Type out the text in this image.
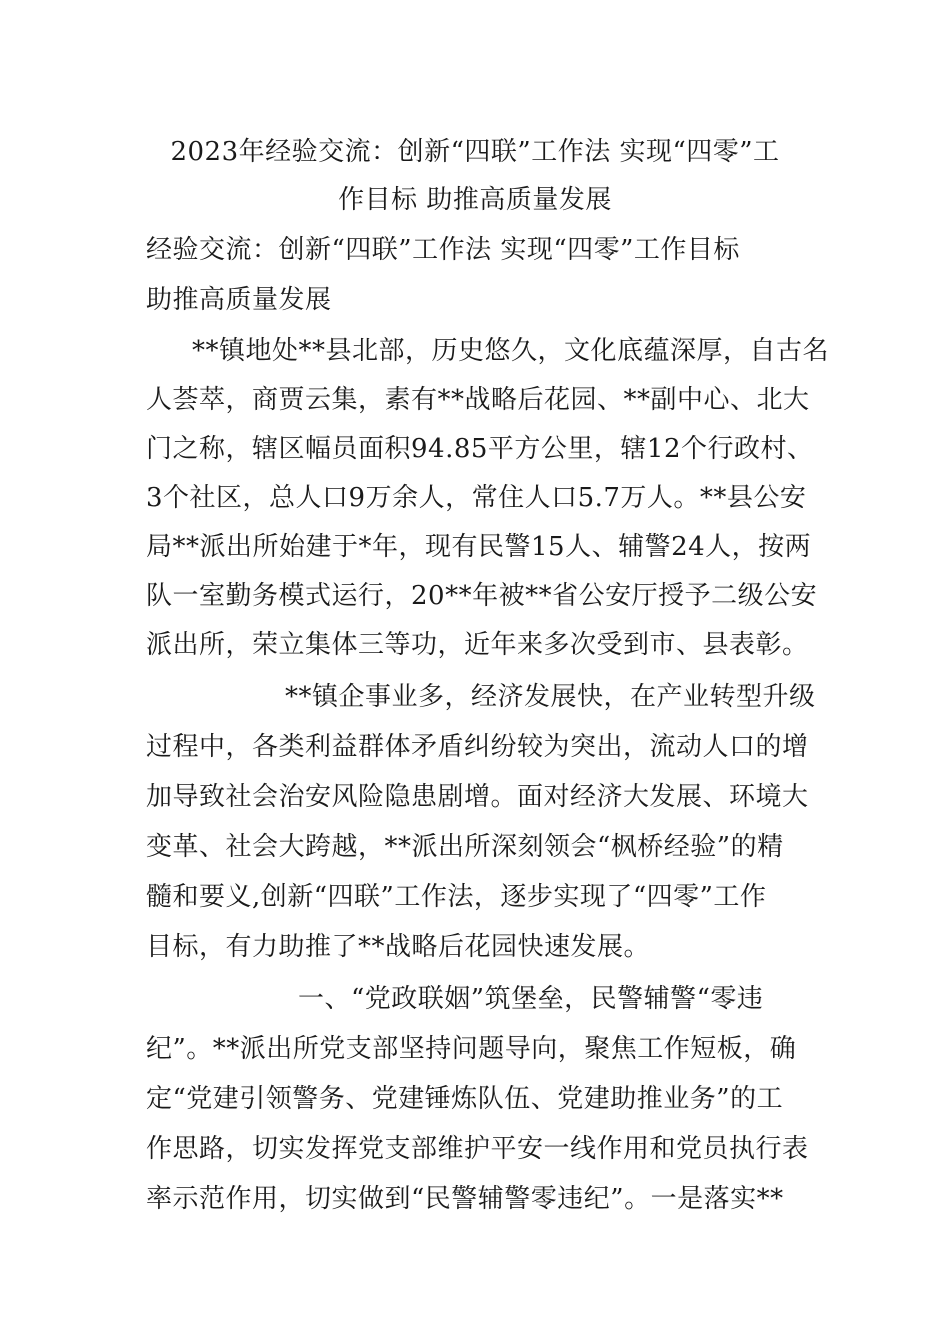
2023年经验交流：创新“四联”工作法 实现“四零”工
作目标 助推高质量发展
经验交流：创新“四联”工作法 实现“四零”工作目标
助推高质量发展
**镇地处**县北部，历史悠久，文化底蕴深厚，自古名
人荟萃，商贾云集，素有**战略后花园、**副中心、北大
门之称，辖区幅员面积94.85平方公里，辖12个行政村、
3个社区，总人口9万余人，常住人口5.7万人。**县公安
局**派出所始建于*年，现有民警15人、辅警24人，按两
队一室勤务模式运行，20**年被**省公安厅授予二级公安
派出所，荣立集体三等功，近年来多次受到市、县表彰。
**镇企事业多，经济发展快，在产业转型升级
过程中，各类利益群体矛盾纠纷较为突出，流动人口的增
加导致社会治安风险隐患剧增。面对经济大发展、环境大
变革、社会大跨越，**派出所深刻领会“枫桥经验”的精
髓和要义,创新“四联”工作法，逐步实现了“四零”工作
目标，有力助推了**战略后花园快速发展。
一、“党政联姻”筑堡垒，民警辅警“零违
纪”。**派出所党支部坚持问题导向，聚焦工作短板，确
定“党建引领警务、党建锤炼队伍、党建助推业务”的工
作思路，切实发挥党支部维护平安一线作用和党员执行表
率示范作用，切实做到“民警辅警零违纪”。一是落实**
